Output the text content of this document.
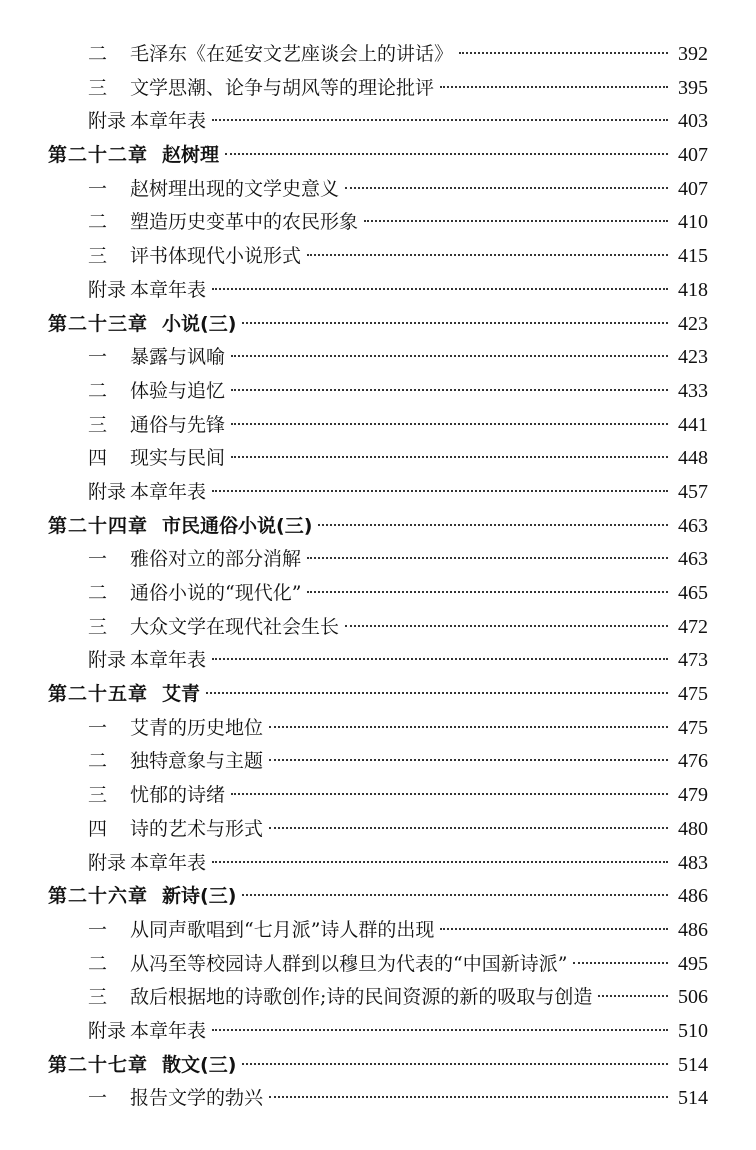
二	毛泽东《在延安文艺座谈会上的讲话》	392
三	文学思潮、论争与胡风等的理论批评	395
附录 本章年表	403
第二十二章 赵树理	407
一	赵树理出现的文学史意义	407
二	塑造历史变革中的农民形象	410
三	评书体现代小说形式	415
附录 本章年表	418
第二十三章 小说(三)	423
一	暴露与讽喻	423
二	体验与追忆	433
三	通俗与先锋	441
四	现实与民间	448
附录 本章年表	457
第二十四章 市民通俗小说(三)	463
一	雅俗对立的部分消解	463
二	通俗小说的“现代化”	465
三	大众文学在现代社会生长	472
附录 本章年表	473
第二十五章 艾青	475
一	艾青的历史地位	475
二	独特意象与主题	476
三	忧郁的诗绪	479
四	诗的艺术与形式	480
附录 本章年表	483
第二十六章 新诗(三)	486
一	从同声歌唱到“七月派”诗人群的出现	486
二	从冯至等校园诗人群到以穆旦为代表的“中国新诗派”	495
三	敌后根据地的诗歌创作;诗的民间资源的新的吸取与创造	506
附录 本章年表	510
第二十七章 散文(三)	514
一	报告文学的勃兴	514
